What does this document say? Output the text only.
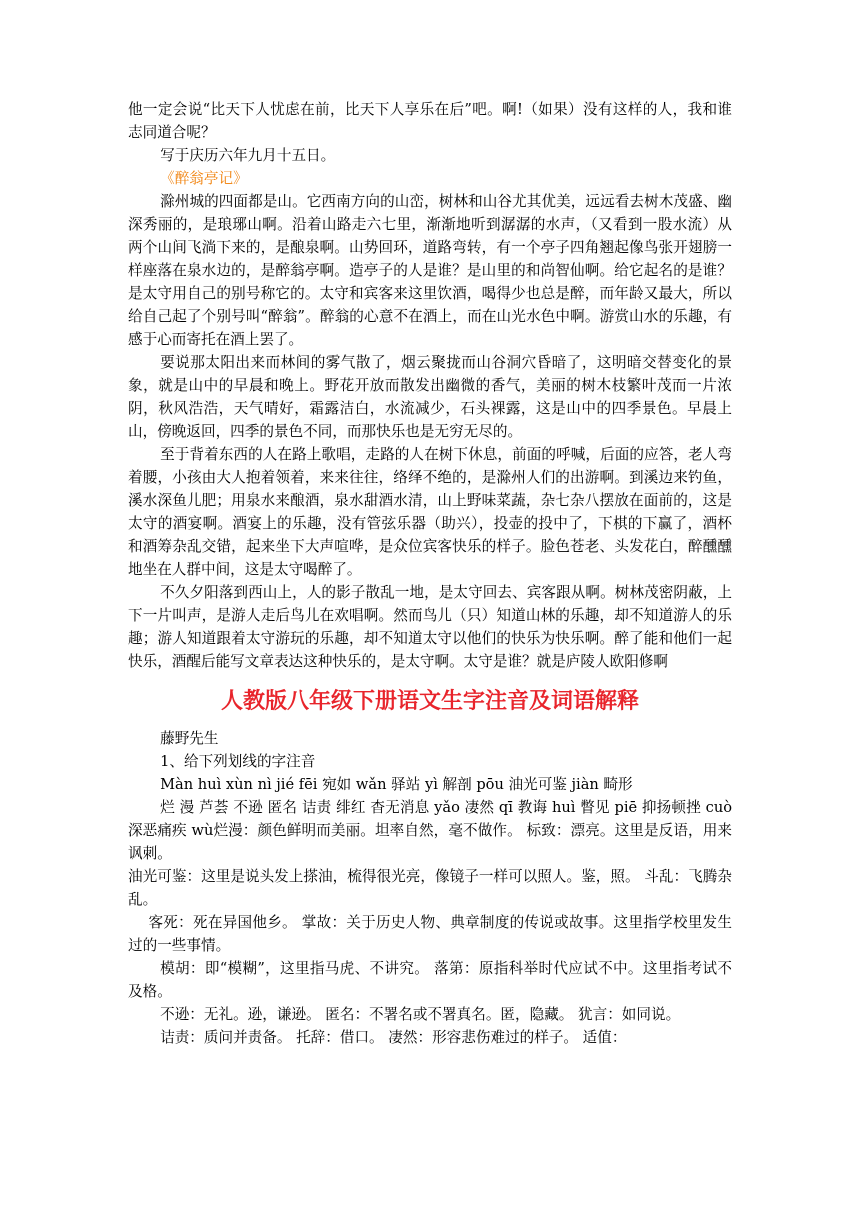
他一定会说“比天下人忧虑在前，比天下人享乐在后”吧。啊!（如果）没有这样的人，我和谁志同道合呢？

写于庆历六年九月十五日。

《醉翁亭记》

滁州城的四面都是山。它西南方向的山峦，树林和山谷尤其优美，远远看去树木茂盛、幽深秀丽的，是琅琊山啊。沿着山路走六七里，渐渐地听到潺潺的水声，（又看到一股水流）从两个山间飞淌下来的，是酿泉啊。山势回环，道路弯转，有一个亭子四角翘起像鸟张开翅膀一样座落在泉水边的，是醉翁亭啊。造亭子的人是谁？是山里的和尚智仙啊。给它起名的是谁？是太守用自己的别号称它的。太守和宾客来这里饮酒，喝得少也总是醉，而年龄又最大，所以给自己起了个别号叫“醉翁”。醉翁的心意不在酒上，而在山光水色中啊。游赏山水的乐趣，有感于心而寄托在酒上罢了。

要说那太阳出来而林间的雾气散了，烟云聚拢而山谷洞穴昏暗了，这明暗交替变化的景象，就是山中的早晨和晚上。野花开放而散发出幽微的香气，美丽的树木枝繁叶茂而一片浓阴，秋风浩浩，天气晴好，霜露洁白，水流减少，石头裸露，这是山中的四季景色。早晨上山，傍晚返回，四季的景色不同，而那快乐也是无穷无尽的。

至于背着东西的人在路上歌唱，走路的人在树下休息，前面的呼喊，后面的应答，老人弯着腰，小孩由大人抱着领着，来来往往，络绎不绝的，是滁州人们的出游啊。到溪边来钓鱼，溪水深鱼儿肥；用泉水来酿酒，泉水甜酒水清，山上野味菜蔬，杂七杂八摆放在面前的，这是太守的酒宴啊。酒宴上的乐趣，没有管弦乐器（助兴），投壶的投中了，下棋的下赢了，酒杯和酒筹杂乱交错，起来坐下大声喧哗，是众位宾客快乐的样子。脸色苍老、头发花白，醉醺醺地坐在人群中间，这是太守喝醉了。

不久夕阳落到西山上，人的影子散乱一地，是太守回去、宾客跟从啊。树林茂密阴蔽，上下一片叫声，是游人走后鸟儿在欢唱啊。然而鸟儿（只）知道山林的乐趣，却不知道游人的乐趣；游人知道跟着太守游玩的乐趣，却不知道太守以他们的快乐为快乐啊。醉了能和他们一起快乐，酒醒后能写文章表达这种快乐的，是太守啊。太守是谁？就是庐陵人欧阳修啊

人教版八年级下册语文生字注音及词语解释

藤野先生

1、给下列划线的字注音

Màn huì xùn nì jié fēi 宛如 wǎn 驿站 yì 解剖 pōu 油光可鉴 jiàn 畸形

烂 漫 芦荟 不逊 匿名 诘责 绯红 杳无消息 yǎo 凄然 qī 教诲 huì 瞥见 piē 抑扬顿挫 cuò 深恶痛疾 wù烂漫：颜色鲜明而美丽。坦率自然，毫不做作。 标致：漂亮。这里是反语，用来讽刺。

油光可鉴：这里是说头发上搽油，梳得很光亮，像镜子一样可以照人。鉴，照。 斗乱：飞腾杂乱。

客死：死在异国他乡。 掌故：关于历史人物、典章制度的传说或故事。这里指学校里发生过的一些事情。

模胡：即“模糊”，这里指马虎、不讲究。 落第：原指科举时代应试不中。这里指考试不及格。

不逊：无礼。逊，谦逊。 匿名：不署名或不署真名。匿，隐藏。 犹言：如同说。

诘责：质问并责备。 托辞：借口。 凄然：形容悲伤难过的样子。 适值：
